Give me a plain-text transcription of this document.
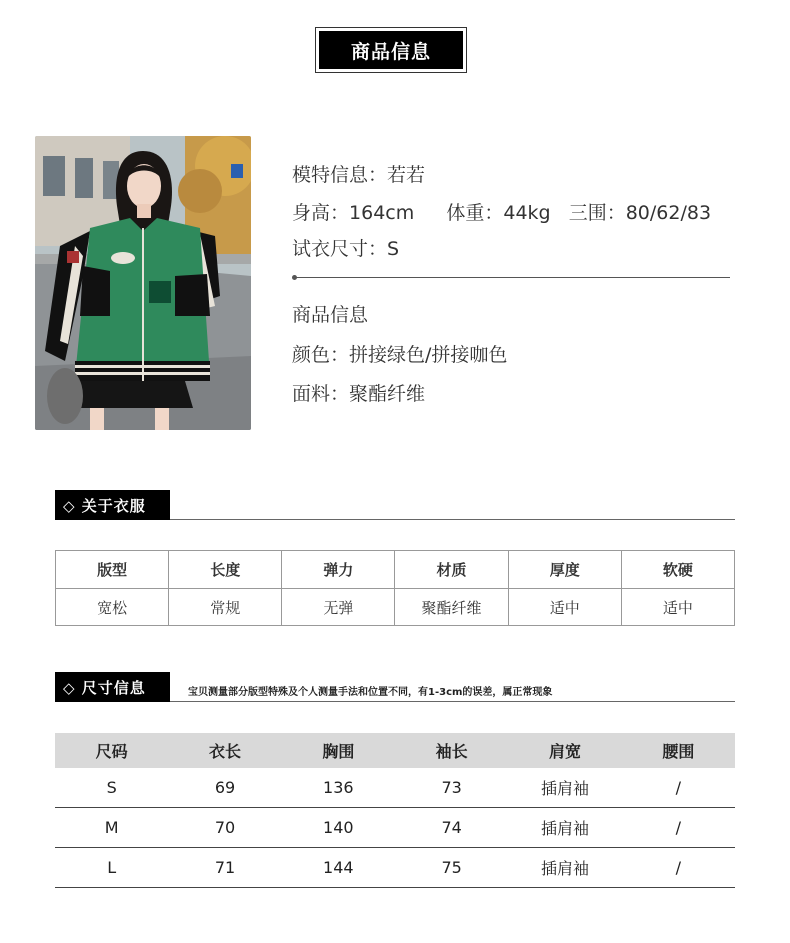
商品信息
模特信息：若若
身高：164cm 体重：44kg 三围：80/62/83
试衣尺寸：S
商品信息
颜色：拼接绿色/拼接咖色
面料：聚酯纤维
◇ 关于衣服
版型	长度	弹力	材质	厚度	软硬
宽松	常规	无弹	聚酯纤维	适中	适中
◇ 尺寸信息	宝贝测量部分版型特殊及个人测量手法和位置不同，有1-3cm的误差，属正常现象
尺码	衣长	胸围	袖长	肩宽	腰围
S	69	136	73	插肩袖	/
M	70	140	74	插肩袖	/
L	71	144	75	插肩袖	/
